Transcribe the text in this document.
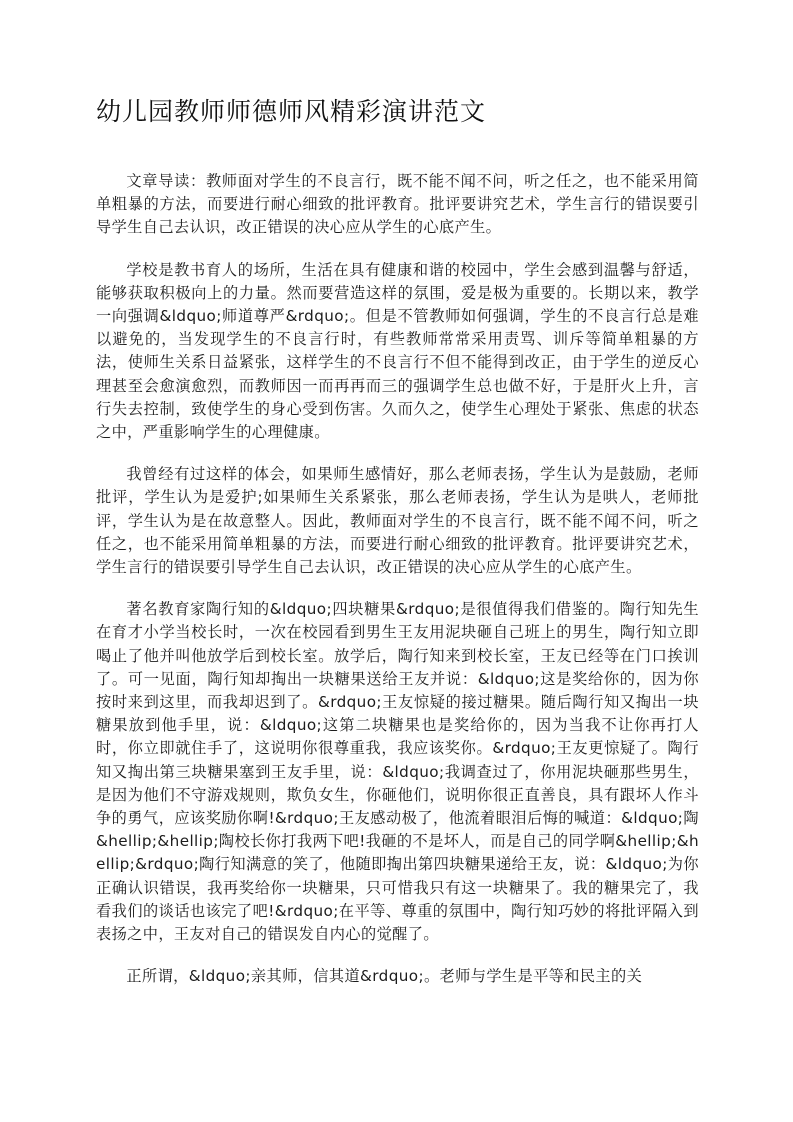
幼儿园教师师德师风精彩演讲范文

文章导读：教师面对学生的不良言行，既不能不闻不问，听之任之，也不能采用简单粗暴的方法，而要进行耐心细致的批评教育。批评要讲究艺术，学生言行的错误要引导学生自己去认识，改正错误的决心应从学生的心底产生。

学校是教书育人的场所，生活在具有健康和谐的校园中，学生会感到温馨与舒适，能够获取积极向上的力量。然而要营造这样的氛围，爱是极为重要的。长期以来，教学一向强调&ldquo;师道尊严&rdquo;。但是不管教师如何强调，学生的不良言行总是难以避免的，当发现学生的不良言行时，有些教师常常采用责骂、训斥等简单粗暴的方法，使师生关系日益紧张，这样学生的不良言行不但不能得到改正，由于学生的逆反心理甚至会愈演愈烈，而教师因一而再再而三的强调学生总也做不好，于是肝火上升，言行失去控制，致使学生的身心受到伤害。久而久之，使学生心理处于紧张、焦虑的状态之中，严重影响学生的心理健康。

我曾经有过这样的体会，如果师生感情好，那么老师表扬，学生认为是鼓励，老师批评，学生认为是爱护;如果师生关系紧张，那么老师表扬，学生认为是哄人，老师批评，学生认为是在故意整人。因此，教师面对学生的不良言行，既不能不闻不问，听之任之，也不能采用简单粗暴的方法，而要进行耐心细致的批评教育。批评要讲究艺术，学生言行的错误要引导学生自己去认识，改正错误的决心应从学生的心底产生。

著名教育家陶行知的&ldquo;四块糖果&rdquo;是很值得我们借鉴的。陶行知先生在育才小学当校长时，一次在校园看到男生王友用泥块砸自己班上的男生，陶行知立即喝止了他并叫他放学后到校长室。放学后，陶行知来到校长室，王友已经等在门口挨训了。可一见面，陶行知却掏出一块糖果送给王友并说：&ldquo;这是奖给你的，因为你按时来到这里，而我却迟到了。&rdquo;王友惊疑的接过糖果。随后陶行知又掏出一块糖果放到他手里，说：&ldquo;这第二块糖果也是奖给你的，因为当我不让你再打人时，你立即就住手了，这说明你很尊重我，我应该奖你。&rdquo;王友更惊疑了。陶行知又掏出第三块糖果塞到王友手里，说：&ldquo;我调查过了，你用泥块砸那些男生，是因为他们不守游戏规则，欺负女生，你砸他们，说明你很正直善良，具有跟坏人作斗争的勇气，应该奖励你啊!&rdquo;王友感动极了，他流着眼泪后悔的喊道：&ldquo;陶&hellip;&hellip;陶校长你打我两下吧!我砸的不是坏人，而是自己的同学啊&hellip;&hellip;&rdquo;陶行知满意的笑了，他随即掏出第四块糖果递给王友，说：&ldquo;为你正确认识错误，我再奖给你一块糖果，只可惜我只有这一块糖果了。我的糖果完了，我看我们的谈话也该完了吧!&rdquo;在平等、尊重的氛围中，陶行知巧妙的将批评隔入到表扬之中，王友对自己的错误发自内心的觉醒了。

正所谓，&ldquo;亲其师，信其道&rdquo;。老师与学生是平等和民主的关
